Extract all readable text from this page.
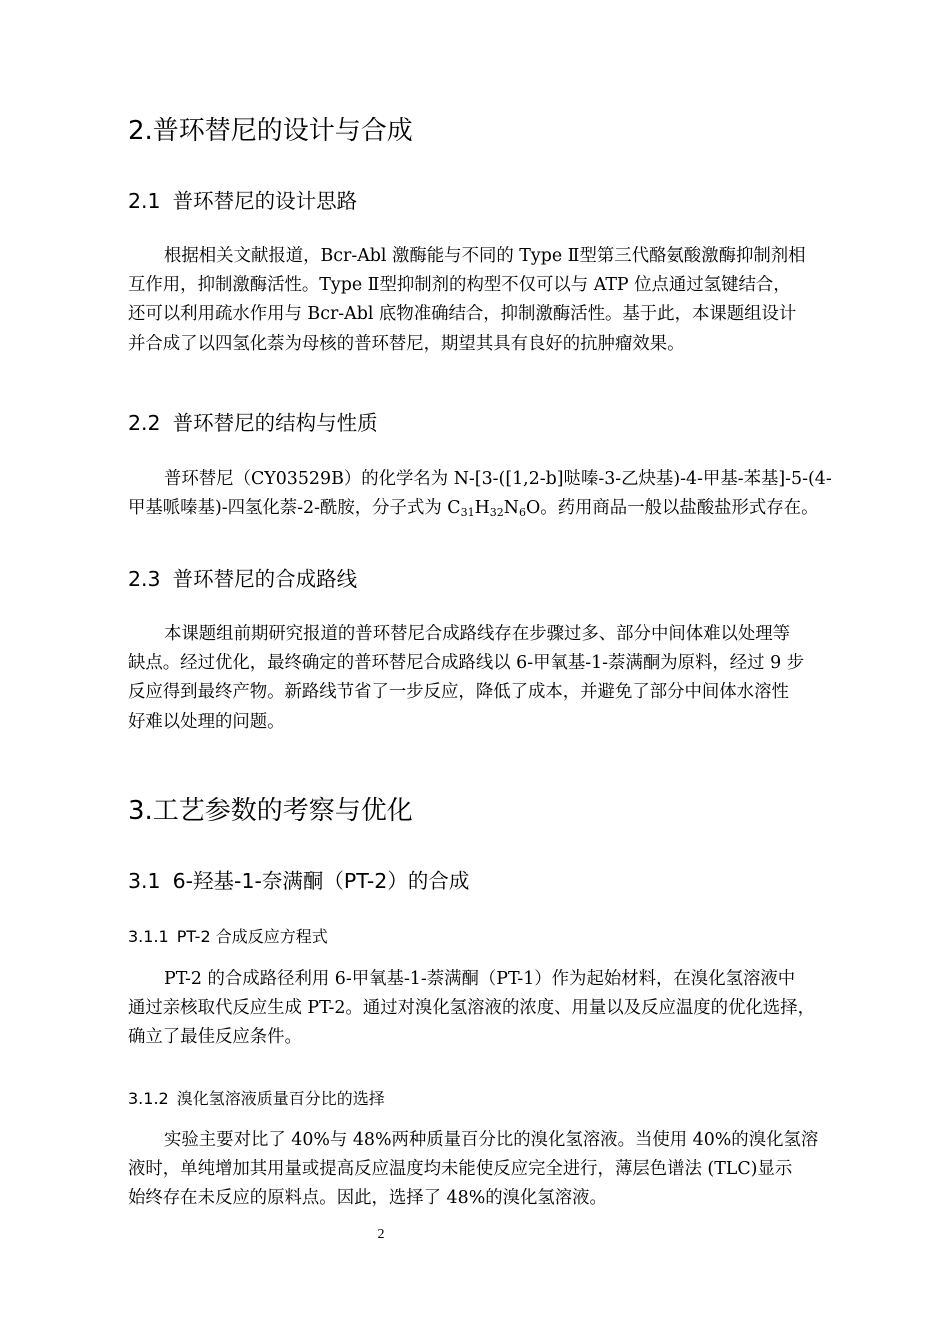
2.普环替尼的设计与合成
2.1 普环替尼的设计思路
根据相关文献报道，Bcr-Abl 激酶能与不同的 Type Ⅱ型第三代酪氨酸激酶抑制剂相
互作用，抑制激酶活性。Type Ⅱ型抑制剂的构型不仅可以与 ATP 位点通过氢键结合，
还可以利用疏水作用与 Bcr-Abl 底物准确结合，抑制激酶活性。基于此，本课题组设计
并合成了以四氢化萘为母核的普环替尼，期望其具有良好的抗肿瘤效果。
2.2 普环替尼的结构与性质
普环替尼（CY03529B）的化学名为 N-[3-([1,2-b]哒嗪-3-乙炔基)-4-甲基-苯基]-5-(4-
甲基哌嗪基)-四氢化萘-2-酰胺，分子式为 $C_{31}H_{32}N_6O$。药用商品一般以盐酸盐形式存在。
2.3 普环替尼的合成路线
本课题组前期研究报道的普环替尼合成路线存在步骤过多、部分中间体难以处理等
缺点。经过优化，最终确定的普环替尼合成路线以 6-甲氧基-1-萘满酮为原料，经过 9 步
反应得到最终产物。新路线节省了一步反应，降低了成本，并避免了部分中间体水溶性
好难以处理的问题。
3.工艺参数的考察与优化
3.1 6-羟基-1-奈满酮（PT-2）的合成
3.1.1 PT-2 合成反应方程式
PT-2 的合成路径利用 6-甲氧基-1-萘满酮（PT-1）作为起始材料，在溴化氢溶液中
通过亲核取代反应生成 PT-2。通过对溴化氢溶液的浓度、用量以及反应温度的优化选择，
确立了最佳反应条件。
3.1.2 溴化氢溶液质量百分比的选择
实验主要对比了 40%与 48%两种质量百分比的溴化氢溶液。当使用 40%的溴化氢溶
液时，单纯增加其用量或提高反应温度均未能使反应完全进行，薄层色谱法 (TLC)显示
始终存在未反应的原料点。因此，选择了 48%的溴化氢溶液。
2
